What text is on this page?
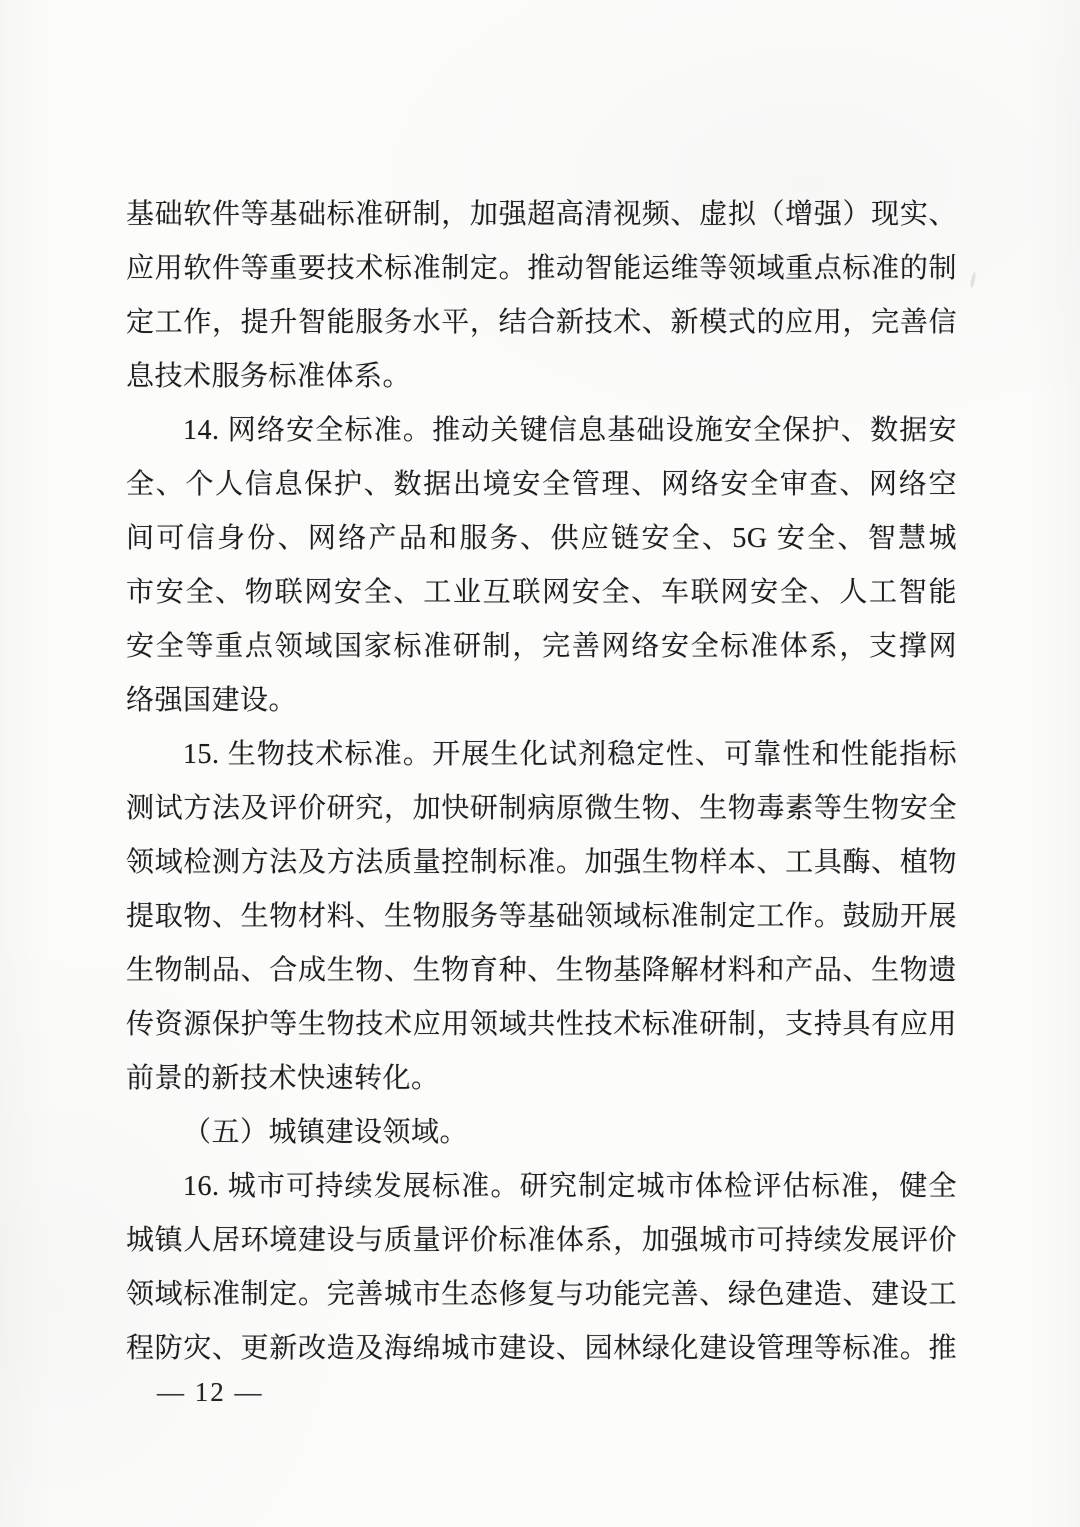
基础软件等基础标准研制，加强超高清视频、虚拟（增强）现实、
应用软件等重要技术标准制定。推动智能运维等领域重点标准的制
定工作，提升智能服务水平，结合新技术、新模式的应用，完善信
息技术服务标准体系。
14. 网络安全标准。推动关键信息基础设施安全保护、数据安
全、个人信息保护、数据出境安全管理、网络安全审查、网络空
间可信身份、网络产品和服务、供应链安全、5G 安全、智慧城
市安全、物联网安全、工业互联网安全、车联网安全、人工智能
安全等重点领域国家标准研制，完善网络安全标准体系，支撑网
络强国建设。
15. 生物技术标准。开展生化试剂稳定性、可靠性和性能指标
测试方法及评价研究，加快研制病原微生物、生物毒素等生物安全
领域检测方法及方法质量控制标准。加强生物样本、工具酶、植物
提取物、生物材料、生物服务等基础领域标准制定工作。鼓励开展
生物制品、合成生物、生物育种、生物基降解材料和产品、生物遗
传资源保护等生物技术应用领域共性技术标准研制，支持具有应用
前景的新技术快速转化。
（五）城镇建设领域。
16. 城市可持续发展标准。研究制定城市体检评估标准，健全
城镇人居环境建设与质量评价标准体系，加强城市可持续发展评价
领域标准制定。完善城市生态修复与功能完善、绿色建造、建设工
程防灾、更新改造及海绵城市建设、园林绿化建设管理等标准。推
— 12 —
